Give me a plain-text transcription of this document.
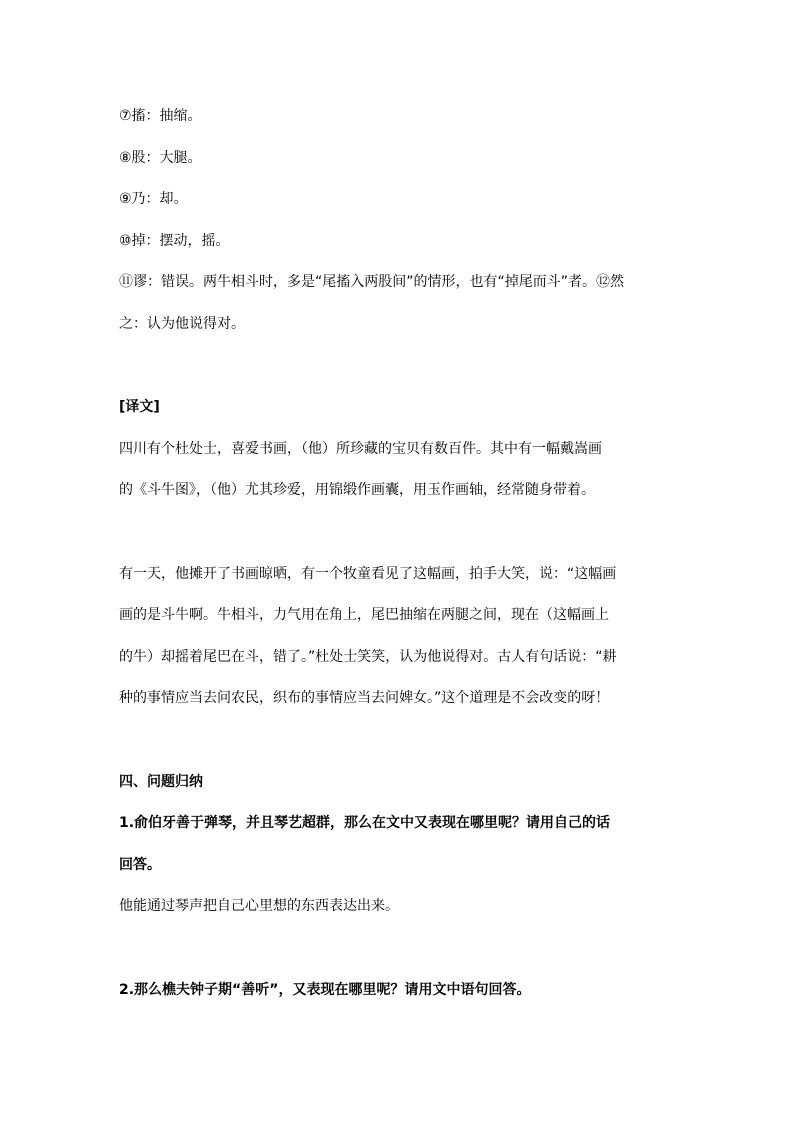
⑦搐：抽缩。
⑧股：大腿。
⑨乃：却。
⑩掉：摆动，摇。
⑪谬：错误。两牛相斗时，多是“尾搐入两股间”的情形，也有“掉尾而斗”者。⑫然
之：认为他说得对。
[译文]
四川有个杜处士，喜爱书画，（他）所珍藏的宝贝有数百件。其中有一幅戴嵩画
的《斗牛图》，（他）尤其珍爱，用锦缎作画囊，用玉作画轴，经常随身带着。
有一天，他摊开了书画晾晒，有一个牧童看见了这幅画，拍手大笑，说：“这幅画
画的是斗牛啊。牛相斗，力气用在角上，尾巴抽缩在两腿之间，现在（这幅画上
的牛）却摇着尾巴在斗，错了。”杜处士笑笑，认为他说得对。古人有句话说：“耕
种的事情应当去问农民，织布的事情应当去问婢女。”这个道理是不会改变的呀！
四、问题归纳
1.俞伯牙善于弹琴，并且琴艺超群，那么在文中又表现在哪里呢？请用自己的话
回答。
他能通过琴声把自己心里想的东西表达出来。
2.那么樵夫钟子期“善听”，又表现在哪里呢？请用文中语句回答。
